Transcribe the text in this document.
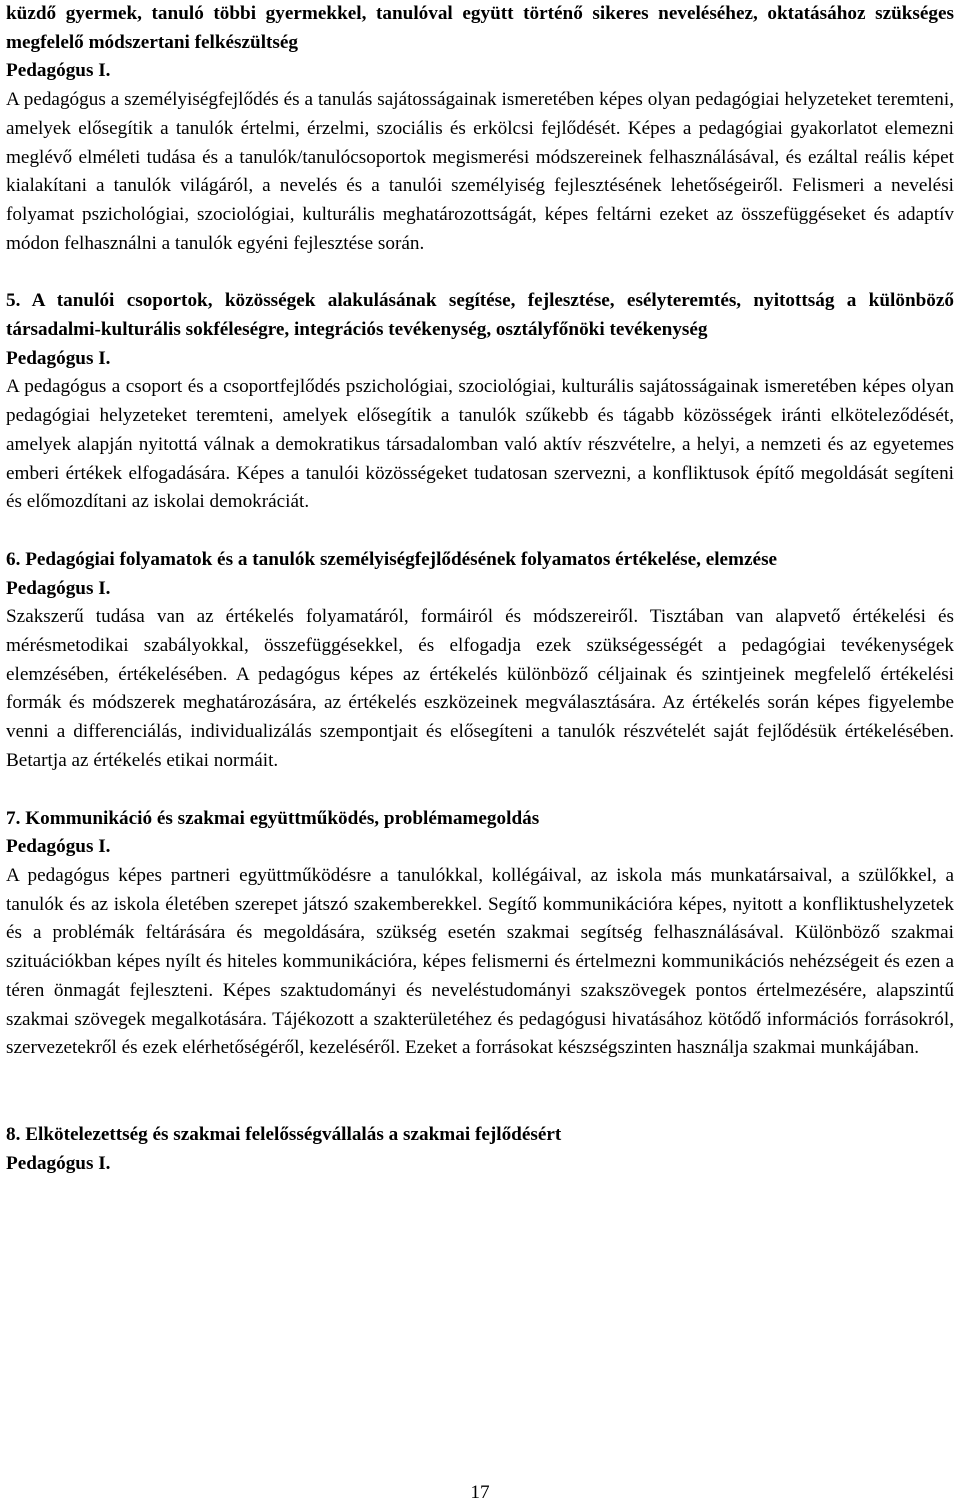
küzdő gyermek, tanuló többi gyermekkel, tanulóval együtt történő sikeres neveléséhez, oktatásához szükséges megfelelő módszertani felkészültség

Pedagógus I.

A pedagógus a személyiségfejlődés és a tanulás sajátosságainak ismeretében képes olyan pedagógiai helyzeteket teremteni, amelyek elősegítik a tanulók értelmi, érzelmi, szociális és erkölcsi fejlődését. Képes a pedagógiai gyakorlatot elemezni meglévő elméleti tudása és a tanulók/tanulócsoportok megismerési módszereinek felhasználásával, és ezáltal reális képet kialakítani a tanulók világáról, a nevelés és a tanulói személyiség fejlesztésének lehetőségeiről. Felismeri a nevelési folyamat pszichológiai, szociológiai, kulturális meghatározottságát, képes feltárni ezeket az összefüggéseket és adaptív módon felhasználni a tanulók egyéni fejlesztése során.

5. A tanulói csoportok, közösségek alakulásának segítése, fejlesztése, esélyteremtés, nyitottság a különböző társadalmi-kulturális sokféleségre, integrációs tevékenység, osztályfőnöki tevékenység

Pedagógus I.

A pedagógus a csoport és a csoportfejlődés pszichológiai, szociológiai, kulturális sajátosságainak ismeretében képes olyan pedagógiai helyzeteket teremteni, amelyek elősegítik a tanulók szűkebb és tágabb közösségek iránti elköteleződését, amelyek alapján nyitottá válnak a demokratikus társadalomban való aktív részvételre, a helyi, a nemzeti és az egyetemes emberi értékek elfogadására. Képes a tanulói közösségeket tudatosan szervezni, a konfliktusok építő megoldását segíteni és előmozdítani az iskolai demokráciát.

6. Pedagógiai folyamatok és a tanulók személyiségfejlődésének folyamatos értékelése, elemzése

Pedagógus I.

Szakszerű tudása van az értékelés folyamatáról, formáiról és módszereiről. Tisztában van alapvető értékelési és mérésmetodikai szabályokkal, összefüggésekkel, és elfogadja ezek szükségességét a pedagógiai tevékenységek elemzésében, értékelésében. A pedagógus képes az értékelés különböző céljainak és szintjeinek megfelelő értékelési formák és módszerek meghatározására, az értékelés eszközeinek megválasztására. Az értékelés során képes figyelembe venni a differenciálás, individualizálás szempontjait és elősegíteni a tanulók részvételét saját fejlődésük értékelésében. Betartja az értékelés etikai normáit.

7. Kommunikáció és szakmai együttműködés, problémamegoldás

Pedagógus I.

A pedagógus képes partneri együttműködésre a tanulókkal, kollégáival, az iskola más munkatársaival, a szülőkkel, a tanulók és az iskola életében szerepet játszó szakemberekkel. Segítő kommunikációra képes, nyitott a konfliktushelyzetek és a problémák feltárására és megoldására, szükség esetén szakmai segítség felhasználásával. Különböző szakmai szituációkban képes nyílt és hiteles kommunikációra, képes felismerni és értelmezni kommunikációs nehézségeit és ezen a téren önmagát fejleszteni. Képes szaktudományi és neveléstudományi szakszövegek pontos értelmezésére, alapszintű szakmai szövegek megalkotására. Tájékozott a szakterületéhez és pedagógusi hivatásához kötődő információs forrásokról, szervezetekről és ezek elérhetőségéről, kezeléséről. Ezeket a forrásokat készségszinten használja szakmai munkájában.

8. Elkötelezettség és szakmai felelősségvállalás a szakmai fejlődésért

Pedagógus I.

17
